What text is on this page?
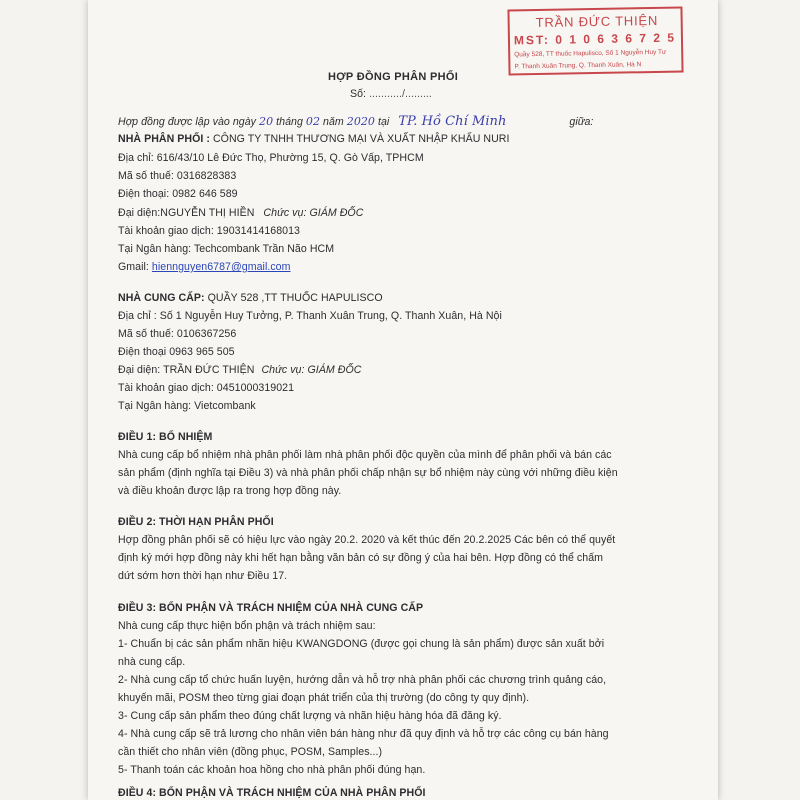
TRẦN ĐỨC THIỆN
MST: 0 1 0 6 3 6 7 2 5
Quầy 528, TT thuốc Hapulisco, Số 1 Nguyễn Huy Tư
P. Thanh Xuân Trung, Q. Thanh Xuân, Hà N
HỢP ĐỒNG PHÂN PHỐI
Số: .........../.........
Hợp đồng được lập vào ngày 20 tháng 02 năm 2020 tại TP. Hồ Chí Minh	giữa:
NHÀ PHÂN PHỐI : CÔNG TY TNHH THƯƠNG MẠI VÀ XUẤT NHẬP KHẨU NURI
Địa chỉ: 616/43/10 Lê Đức Thọ, Phường 15, Q. Gò Vấp, TPHCM
Mã số thuế: 0316828383
Điện thoại: 0982 646 589
Đại diện:NGUYỄN THỊ HIỀN Chức vụ: GIÁM ĐỐC
Tài khoản giao dịch: 19031414168013
Tại Ngân hàng: Techcombank Trần Não HCM
Gmail: hiennguyen6787@gmail.com
NHÀ CUNG CẤP: QUẦY 528 ,TT THUỐC HAPULISCO
Địa chỉ : Số 1 Nguyễn Huy Tưởng, P. Thanh Xuân Trung, Q. Thanh Xuân, Hà Nội
Mã số thuế: 0106367256
Điện thoại 0963 965 505
Đại diện: TRẦN ĐỨC THIỆN Chức vụ: GIÁM ĐỐC
Tài khoản giao dịch: 0451000319021
Tại Ngân hàng: Vietcombank
ĐIỀU 1: BỔ NHIỆM
Nhà cung cấp bổ nhiệm nhà phân phối làm nhà phân phối độc quyền của mình để phân phối và bán các
sản phẩm (định nghĩa tại Điều 3) và nhà phân phối chấp nhận sự bổ nhiệm này cùng với những điều kiện
và điều khoản được lập ra trong hợp đồng này.
ĐIỀU 2: THỜI HẠN PHÂN PHỐI
Hợp đồng phân phối sẽ có hiệu lực vào ngày 20.2. 2020 và kết thúc đến 20.2.2025 Các bên có thể quyết
định ký mới hợp đồng này khi hết hạn bằng văn bản có sự đồng ý của hai bên. Hợp đồng có thể chấm
dứt sớm hơn thời hạn như Điều 17.
ĐIỀU 3: BỔN PHẬN VÀ TRÁCH NHIỆM CỦA NHÀ CUNG CẤP
Nhà cung cấp thực hiện bổn phận và trách nhiệm sau:
1- Chuẩn bị các sản phẩm nhãn hiệu KWANGDONG (được gọi chung là sản phẩm) được sản xuất bởi
nhà cung cấp.
2- Nhà cung cấp tổ chức huấn luyện, hướng dẫn và hỗ trợ nhà phân phối các chương trình quảng cáo,
khuyến mãi, POSM theo từng giai đoạn phát triển của thị trường (do công ty quy định).
3- Cung cấp sản phẩm theo đúng chất lượng và nhãn hiệu hàng hóa đã đăng ký.
4- Nhà cung cấp sẽ trả lương cho nhân viên bán hàng như đã quy định và hỗ trợ các công cụ bán hàng
cần thiết cho nhân viên (đồng phục, POSM, Samples...)
5- Thanh toán các khoản hoa hồng cho nhà phân phối đúng hạn.
ĐIỀU 4: BỔN PHẬN VÀ TRÁCH NHIỆM CỦA NHÀ PHÂN PHỐI
